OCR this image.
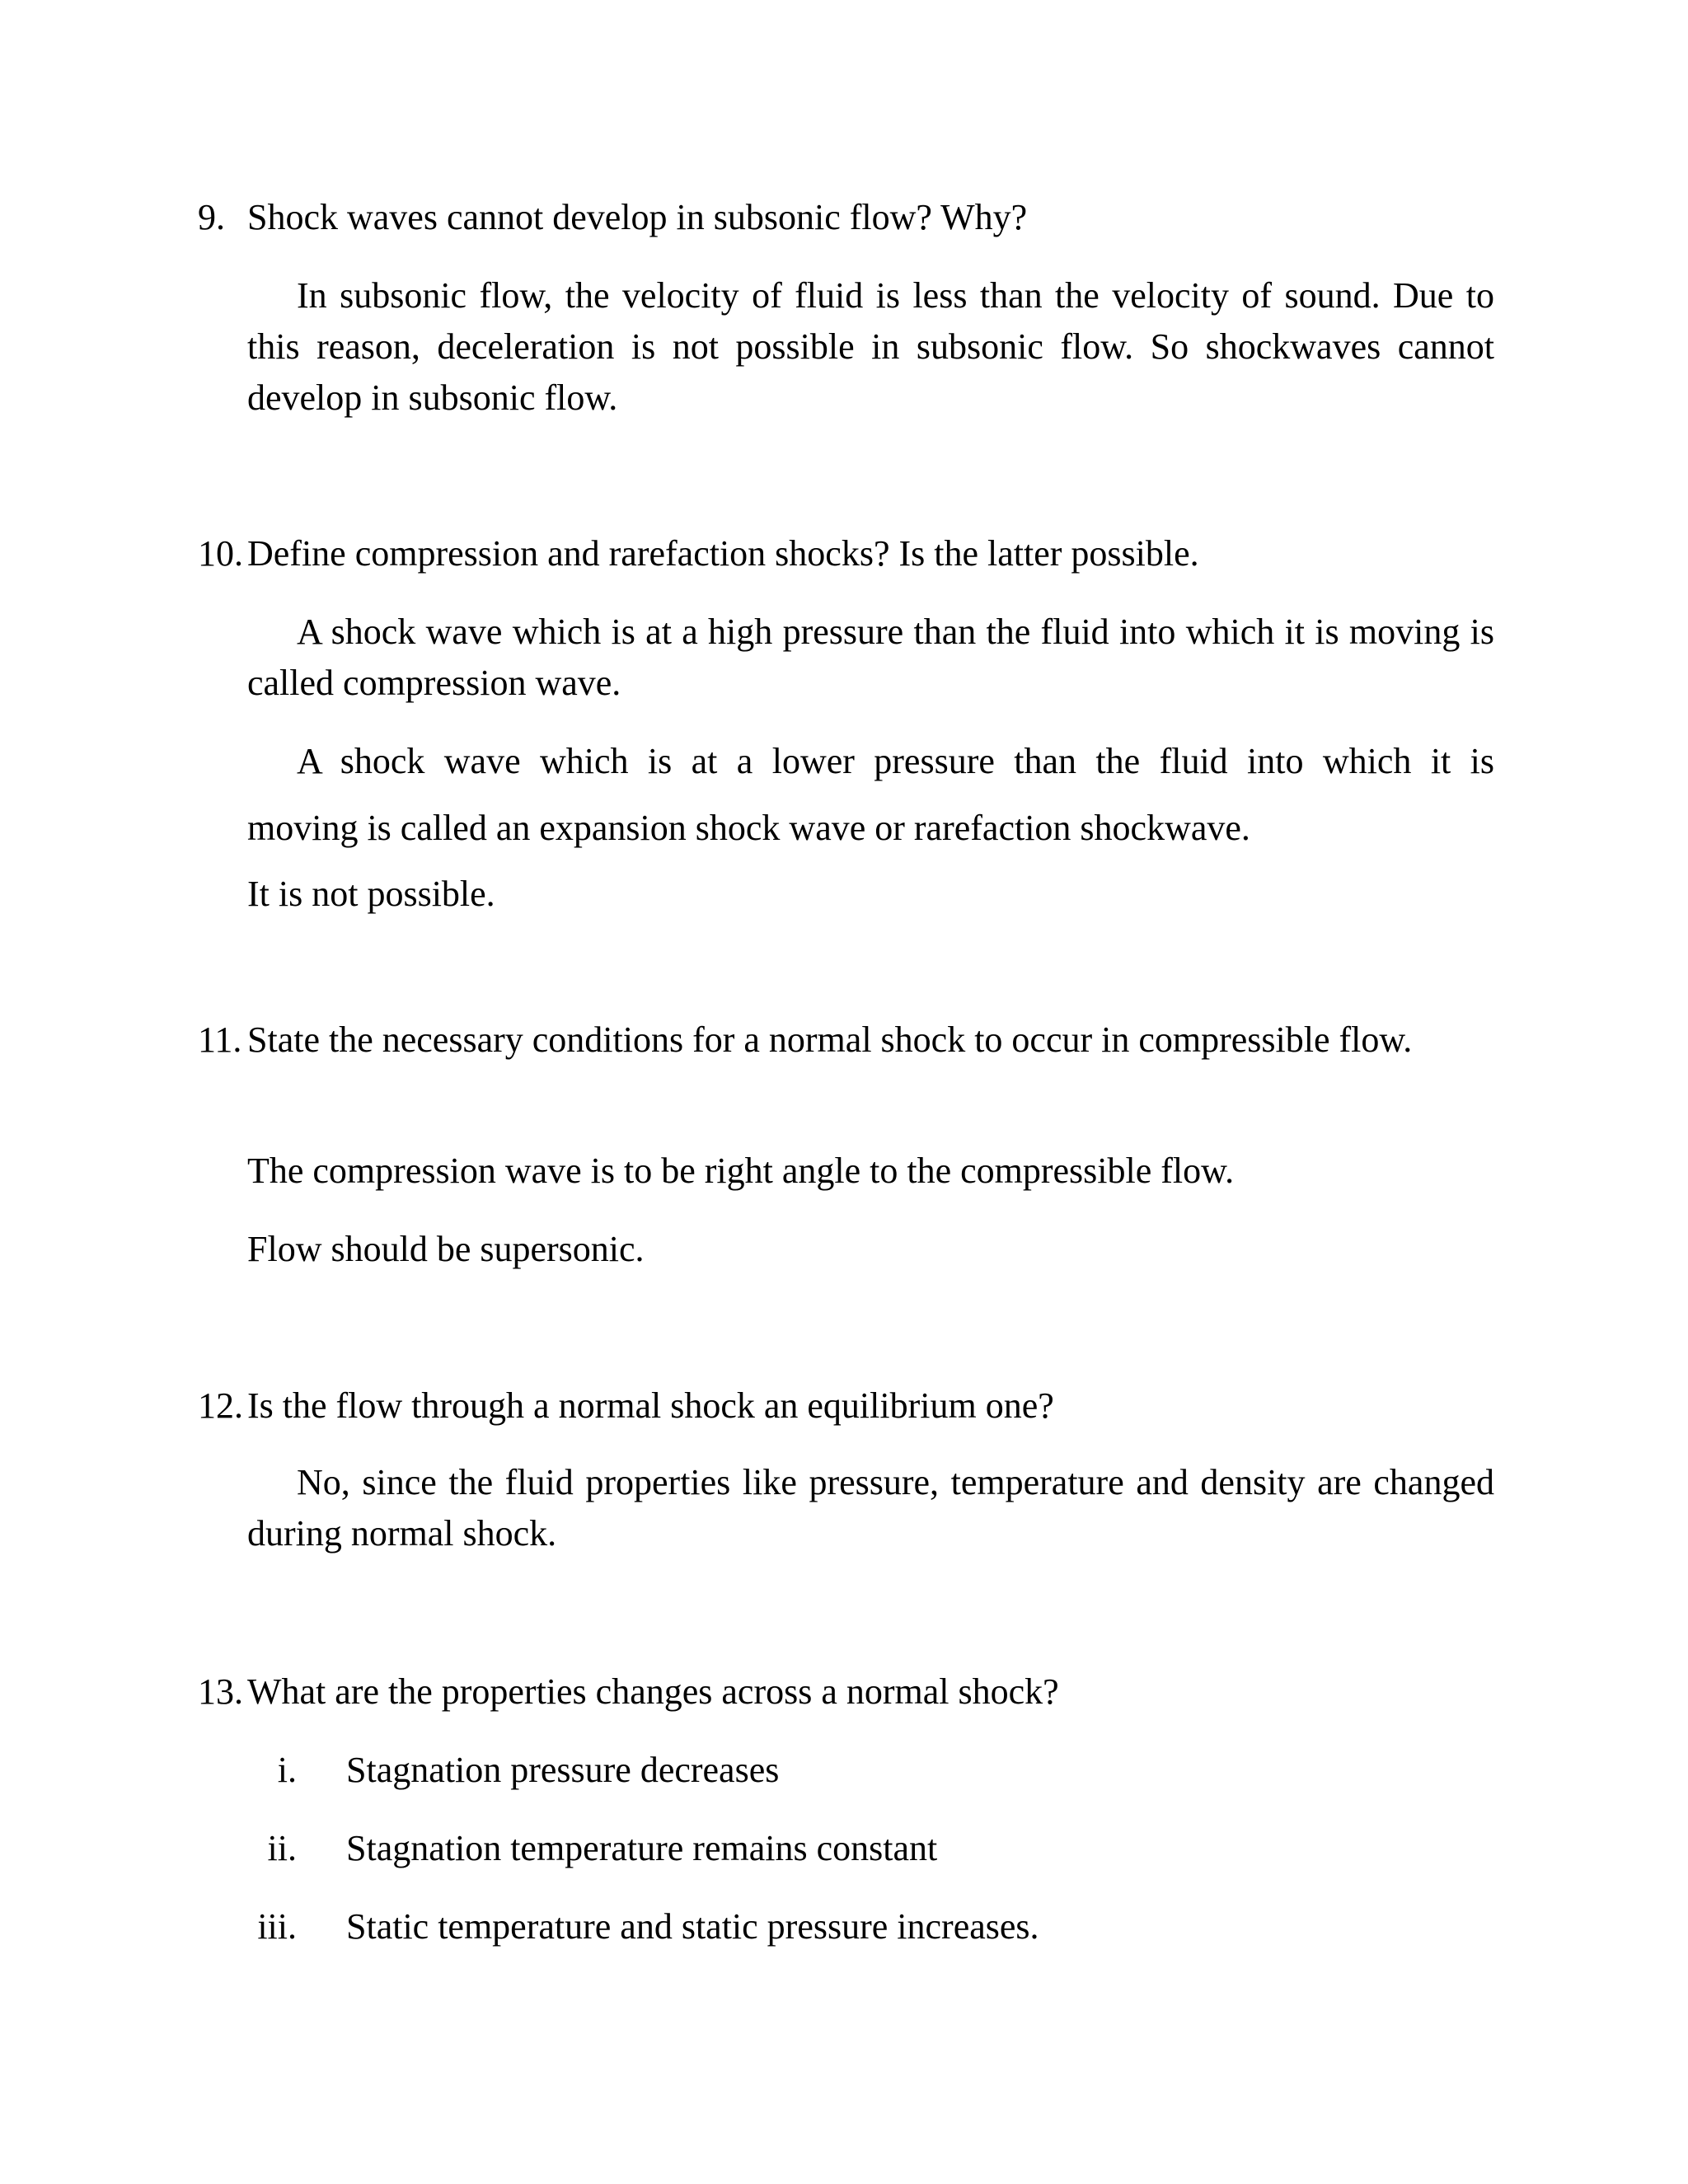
9. Shock waves cannot develop in subsonic flow? Why?
In subsonic flow, the velocity of fluid is less than the velocity of sound. Due to this reason, deceleration is not possible in subsonic flow. So shockwaves cannot develop in subsonic flow.
10. Define compression and rarefaction shocks? Is the latter possible.
A shock wave which is at a high pressure than the fluid into which it is moving is called compression wave.
A shock wave which is at a lower pressure than the fluid into which it is
moving is called an expansion shock wave or rarefaction shockwave.
It is not possible.
11. State the necessary conditions for a normal shock to occur in compressible flow.
The compression wave is to be right angle to the compressible flow.
Flow should be supersonic.
12. Is the flow through a normal shock an equilibrium one?
No, since the fluid properties like pressure, temperature and density are changed during normal shock.
13. What are the properties changes across a normal shock?
i. Stagnation pressure decreases
ii. Stagnation temperature remains constant
iii. Static temperature and static pressure increases.
